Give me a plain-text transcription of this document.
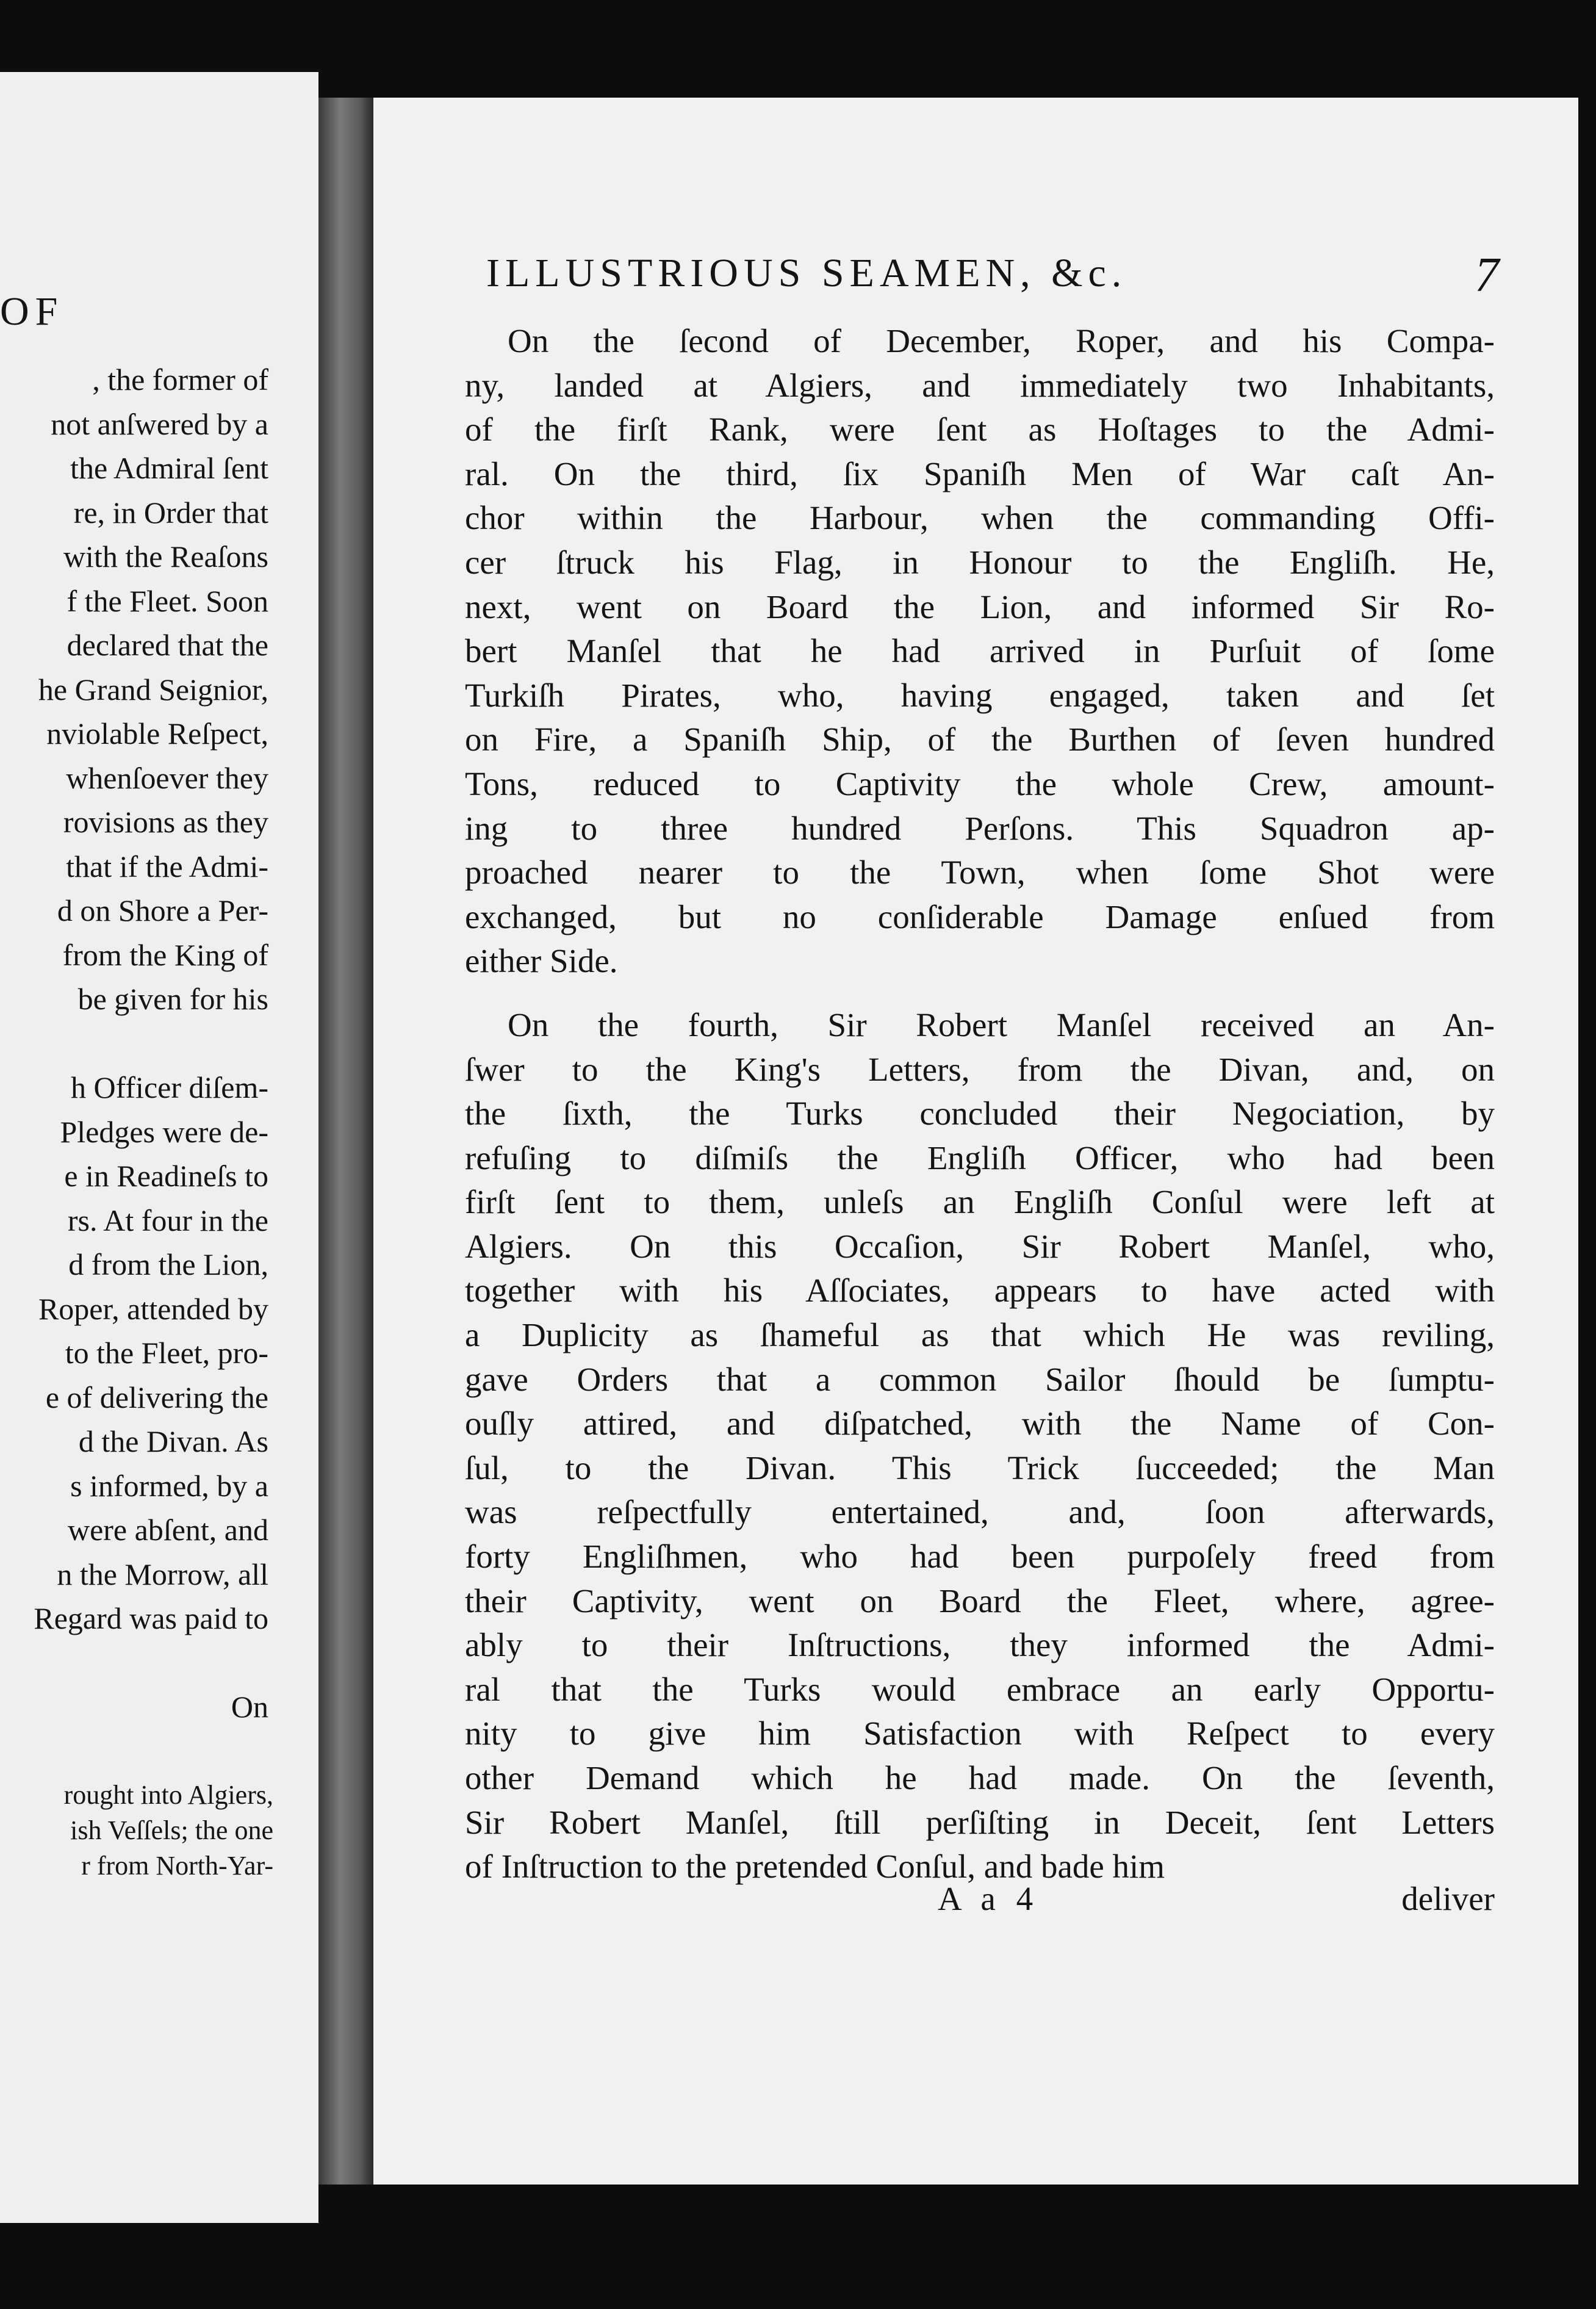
OF
, the former of
not anſwered by a
the Admiral ſent
re, in Order that
with the Reaſons
f the Fleet. Soon
declared that the
he Grand Seignior,
nviolable Reſpect,
whenſoever they
rovisions as they
that if the Admi-
d on Shore a Per-
from the King of
be given for his

h Officer diſem-
Pledges were de-
e in Readineſs to
rs. At four in the
d from the Lion,
Roper, attended by
to the Fleet, pro-
e of delivering the
d the Divan. As
s informed, by a
were abſent, and
n the Morrow, all
Regard was paid to

On
rought into Algiers,
ish Veſſels; the one
r from North-Yar-
ILLUSTRIOUS SEAMEN, &c.	7
On the ſecond of December, Roper, and his Compa-
ny, landed at Algiers, and immediately two Inhabitants,
of the firſt Rank, were ſent as Hoſtages to the Admi-
ral. On the third, ſix Spaniſh Men of War caſt An-
chor within the Harbour, when the commanding Offi-
cer ſtruck his Flag, in Honour to the Engliſh. He,
next, went on Board the Lion, and informed Sir Ro-
bert Manſel that he had arrived in Purſuit of ſome
Turkiſh Pirates, who, having engaged, taken and ſet
on Fire, a Spaniſh Ship, of the Burthen of ſeven hundred
Tons, reduced to Captivity the whole Crew, amount-
ing to three hundred Perſons. This Squadron ap-
proached nearer to the Town, when ſome Shot were
exchanged, but no conſiderable Damage enſued from
either Side.
On the fourth, Sir Robert Manſel received an An-
ſwer to the King's Letters, from the Divan, and, on
the ſixth, the Turks concluded their Negociation, by
refuſing to diſmiſs the Engliſh Officer, who had been
firſt ſent to them, unleſs an Engliſh Conſul were left at
Algiers. On this Occaſion, Sir Robert Manſel, who,
together with his Aſſociates, appears to have acted with
a Duplicity as ſhameful as that which He was reviling,
gave Orders that a common Sailor ſhould be ſumptu-
ouſly attired, and diſpatched, with the Name of Con-
ſul, to the Divan. This Trick ſucceeded; the Man
was reſpectfully entertained, and, ſoon afterwards,
forty Engliſhmen, who had been purpoſely freed from
their Captivity, went on Board the Fleet, where, agree-
ably to their Inſtructions, they informed the Admi-
ral that the Turks would embrace an early Opportu-
nity to give him Satisfaction with Reſpect to every
other Demand which he had made. On the ſeventh,
Sir Robert Manſel, ſtill perſiſting in Deceit, ſent Letters
of Inſtruction to the pretended Conſul, and bade him
A a 4	deliver
